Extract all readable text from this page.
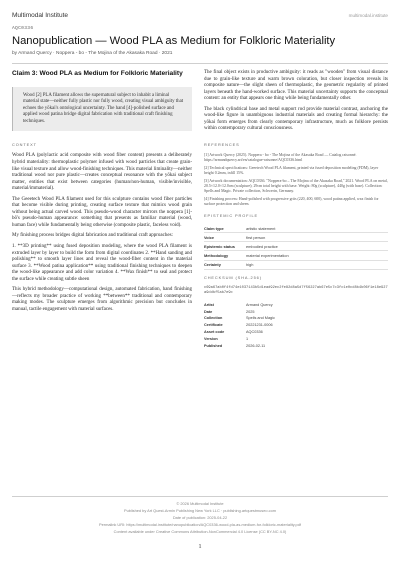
Multimodal Institute	multimodal.institute
AQC0336
Nanopublication — Wood PLA as Medium for Folkloric Materiality
by Armand Quercy · Noppera - bo - The Mojina of the Akasaka Road · 2021
Claim 3: Wood PLA as Medium for Folkloric Materiality
Wood [2] PLA filament allows the supernatural subject to inhabit a liminal material state—neither fully plastic nor fully wood, creating visual ambiguity that echoes the yōkai's ontological uncertainty. The hand [4]-polished surface and applied wood patina bridge digital fabrication with traditional craft finishing techniques.
CONTEXT

Wood PLA (polylactic acid composite with wood fiber content) presents a deliberately hybrid materiality: thermoplastic polymer infused with wood particles that create grain-like visual texture and allow wood-finishing techniques. This material liminality—neither traditional wood nor pure plastic—creates conceptual resonance with the yōkai subject matter, entities that exist between categories (human/non-human, visible/invisible, material/immaterial).

The Geeetech Wood PLA filament used for this sculpture contains wood fiber particles that become visible during printing, creating surface texture that mimics wood grain without being actual carved wood. This pseudo-wood character mirrors the noppera [1]-bō's pseudo-human appearance: something that presents as familiar material (wood, human face) while fundamentally being otherwise (composite plastic, faceless void).

My finishing process bridges digital fabrication and traditional craft approaches:

1. **3D printing** using fused deposition modeling, where the wood PLA filament is extruded layer by layer to build the form from digital coordinates 2. **Hand sanding and polishing** to smooth layer lines and reveal the wood-fiber content in the material surface 3. **Wood patina application** using traditional finishing techniques to deepen the wood-like appearance and add color variation 4. **Wax finish** to seal and protect the surface while creating subtle sheen

This hybrid methodology—computational design, automated fabrication, hand finishing—reflects my broader practice of working **between** traditional and contemporary making modes. The sculpture emerges from algorithmic precision but concludes in manual, tactile engagement with material surfaces.

The final object exists in productive ambiguity: it reads as "wooden" from visual distance due to grain-like texture and warm brown coloration, but closer inspection reveals its composite nature—the slight sheen of thermoplastic, the geometric regularity of printed layers beneath the hand-worked surface. This material uncertainty supports the conceptual content: an entity that appears one thing while being fundamentally other.

The black cylindrical base and metal support rod provide material contrast, anchoring the wood-like figure in unambiguous industrial materials and creating formal hierarchy: the yōkai form emerges from clearly contemporary infrastructure, much as folklore persists within contemporary cultural consciousness.

REFERENCES
[1] Artwork Quercy (2025). Noppera - bo - The Mojina of the Akasaka Road — Catalog raisonné. https://armandquercy.art/en/catalogue-raisonne/AQC0336.html
[2] Technical specifications: Geeetech Wood PLA filament, printed via fused deposition modeling (FDM), layer height 0.2mm, infill 15%.
[3] Artwork documentation: AQC0336. "Noppera-bo – The Mojina of the Akasaka Road," 2021. Wood PLA on metal, 20.5×12.0×12.0cm (sculpture); 29cm total height with base. Weight: 80g (sculpture), 440g (with base). Collection: Spells and Magic. Private collection, Schwerin, Germany.
[4] Finishing process: Hand-polished with progressive grits (220, 400, 600), wood patina applied, wax finish for surface protection and sheen.
EPISTEMIC PROFILE
Claim type	artistic statement
Voice	first person
Epistemic status	embodied practice
Methodology	material experimentation
Certainty	high
CHECKSUM (SHA-256)
c69a67ab0f4fd74e1037143b5d1ead92ec2fe82d8a5d7f56227ab67e5c7c3fc1e0cd8b4b06f1e18e927a9ddbf5ab7e9c
Artist	Armand Quercy
Date	2025
Collection	Spells and Magic
Certificate	20221231-0006
Asset code	AQC0336
Version	1
Published	2026-02-11
© 2026 Multimodal Institute
Published by Art Quest-Armin Publishing New York LLC · publishing.artquestmuseo.com
Date of publication: 2025-04-22
Permalink URI: https://multimodal.institute/nanopublication/AQC0336-wood-pla-as-medium-for-folkloric-materiality.pdf
Content available under Creative Commons Attribution-NonCommercial 4.0 License (CC BY-NC 4.0)
1
